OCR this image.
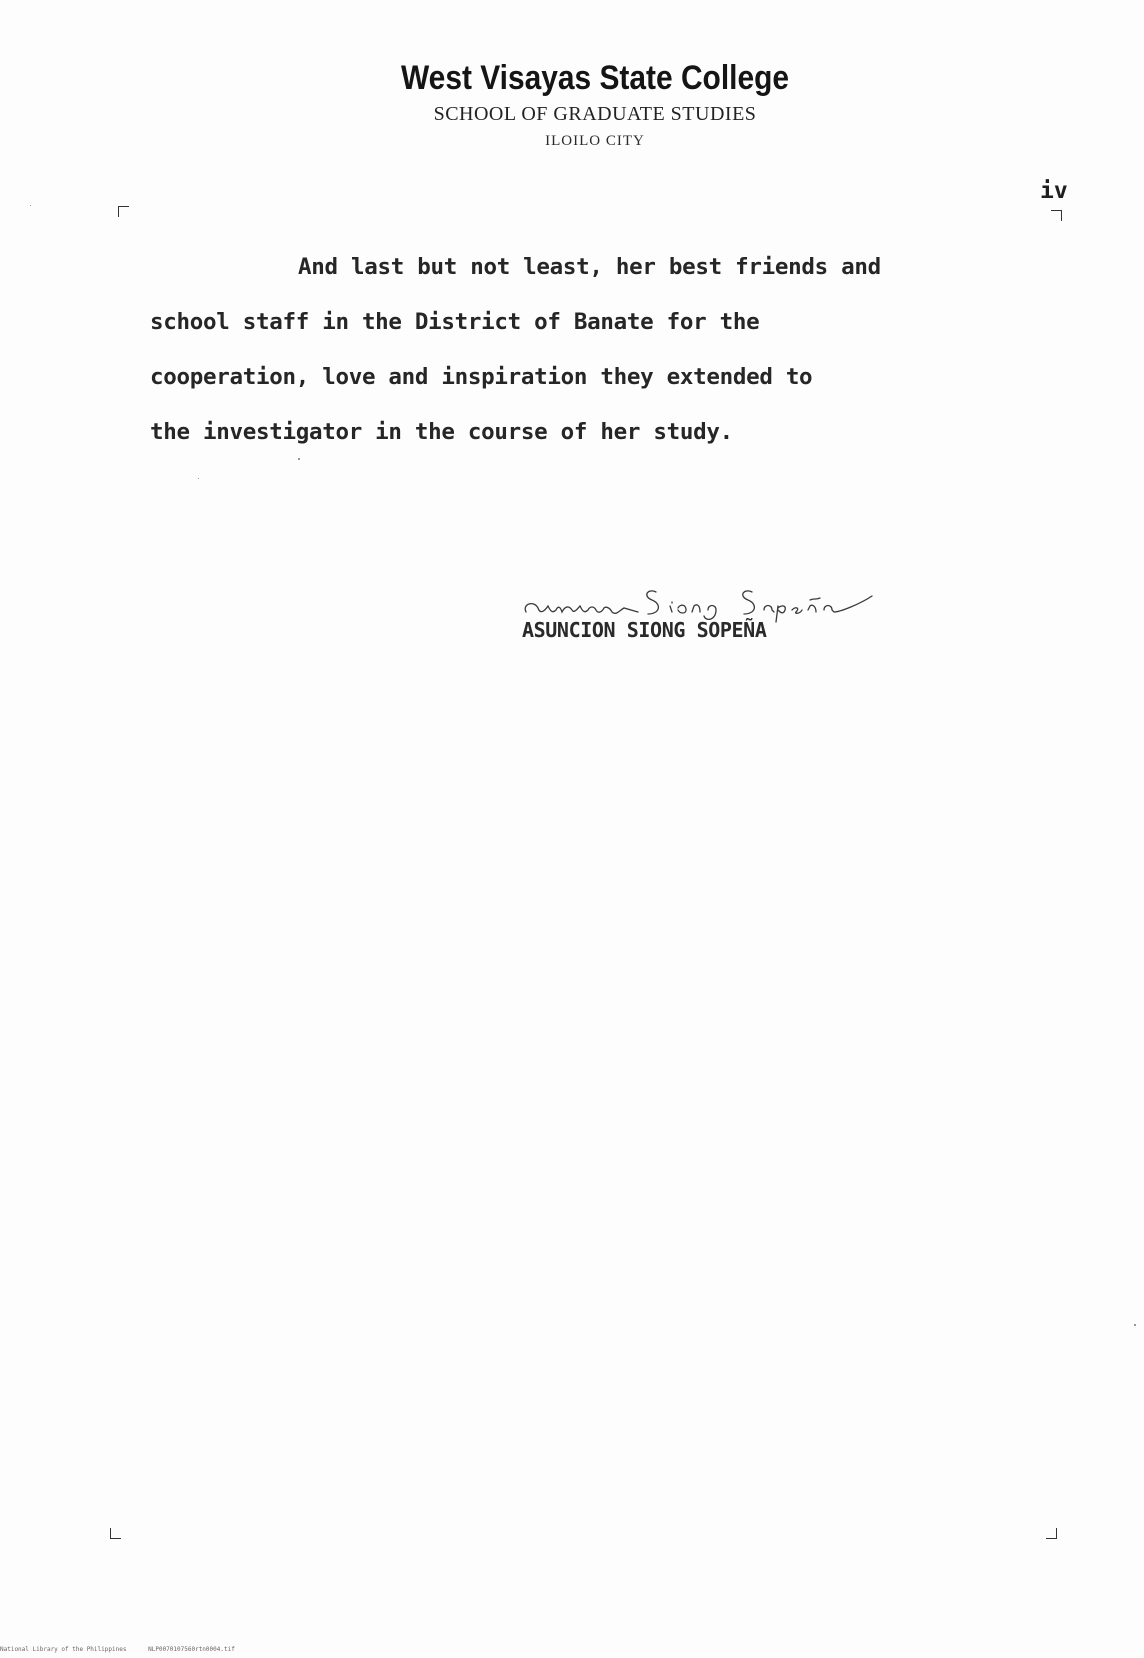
West Visayas State College
SCHOOL OF GRADUATE STUDIES
ILOILO CITY
iv
And last but not least, her best friends and
school staff in the District of Banate for the
cooperation, love and inspiration they extended to
the investigator in the course of her study.
ASUNCION SIONG SOPEÑA
National Library of the Philippines	NLP0070107560rtn0004.tif
